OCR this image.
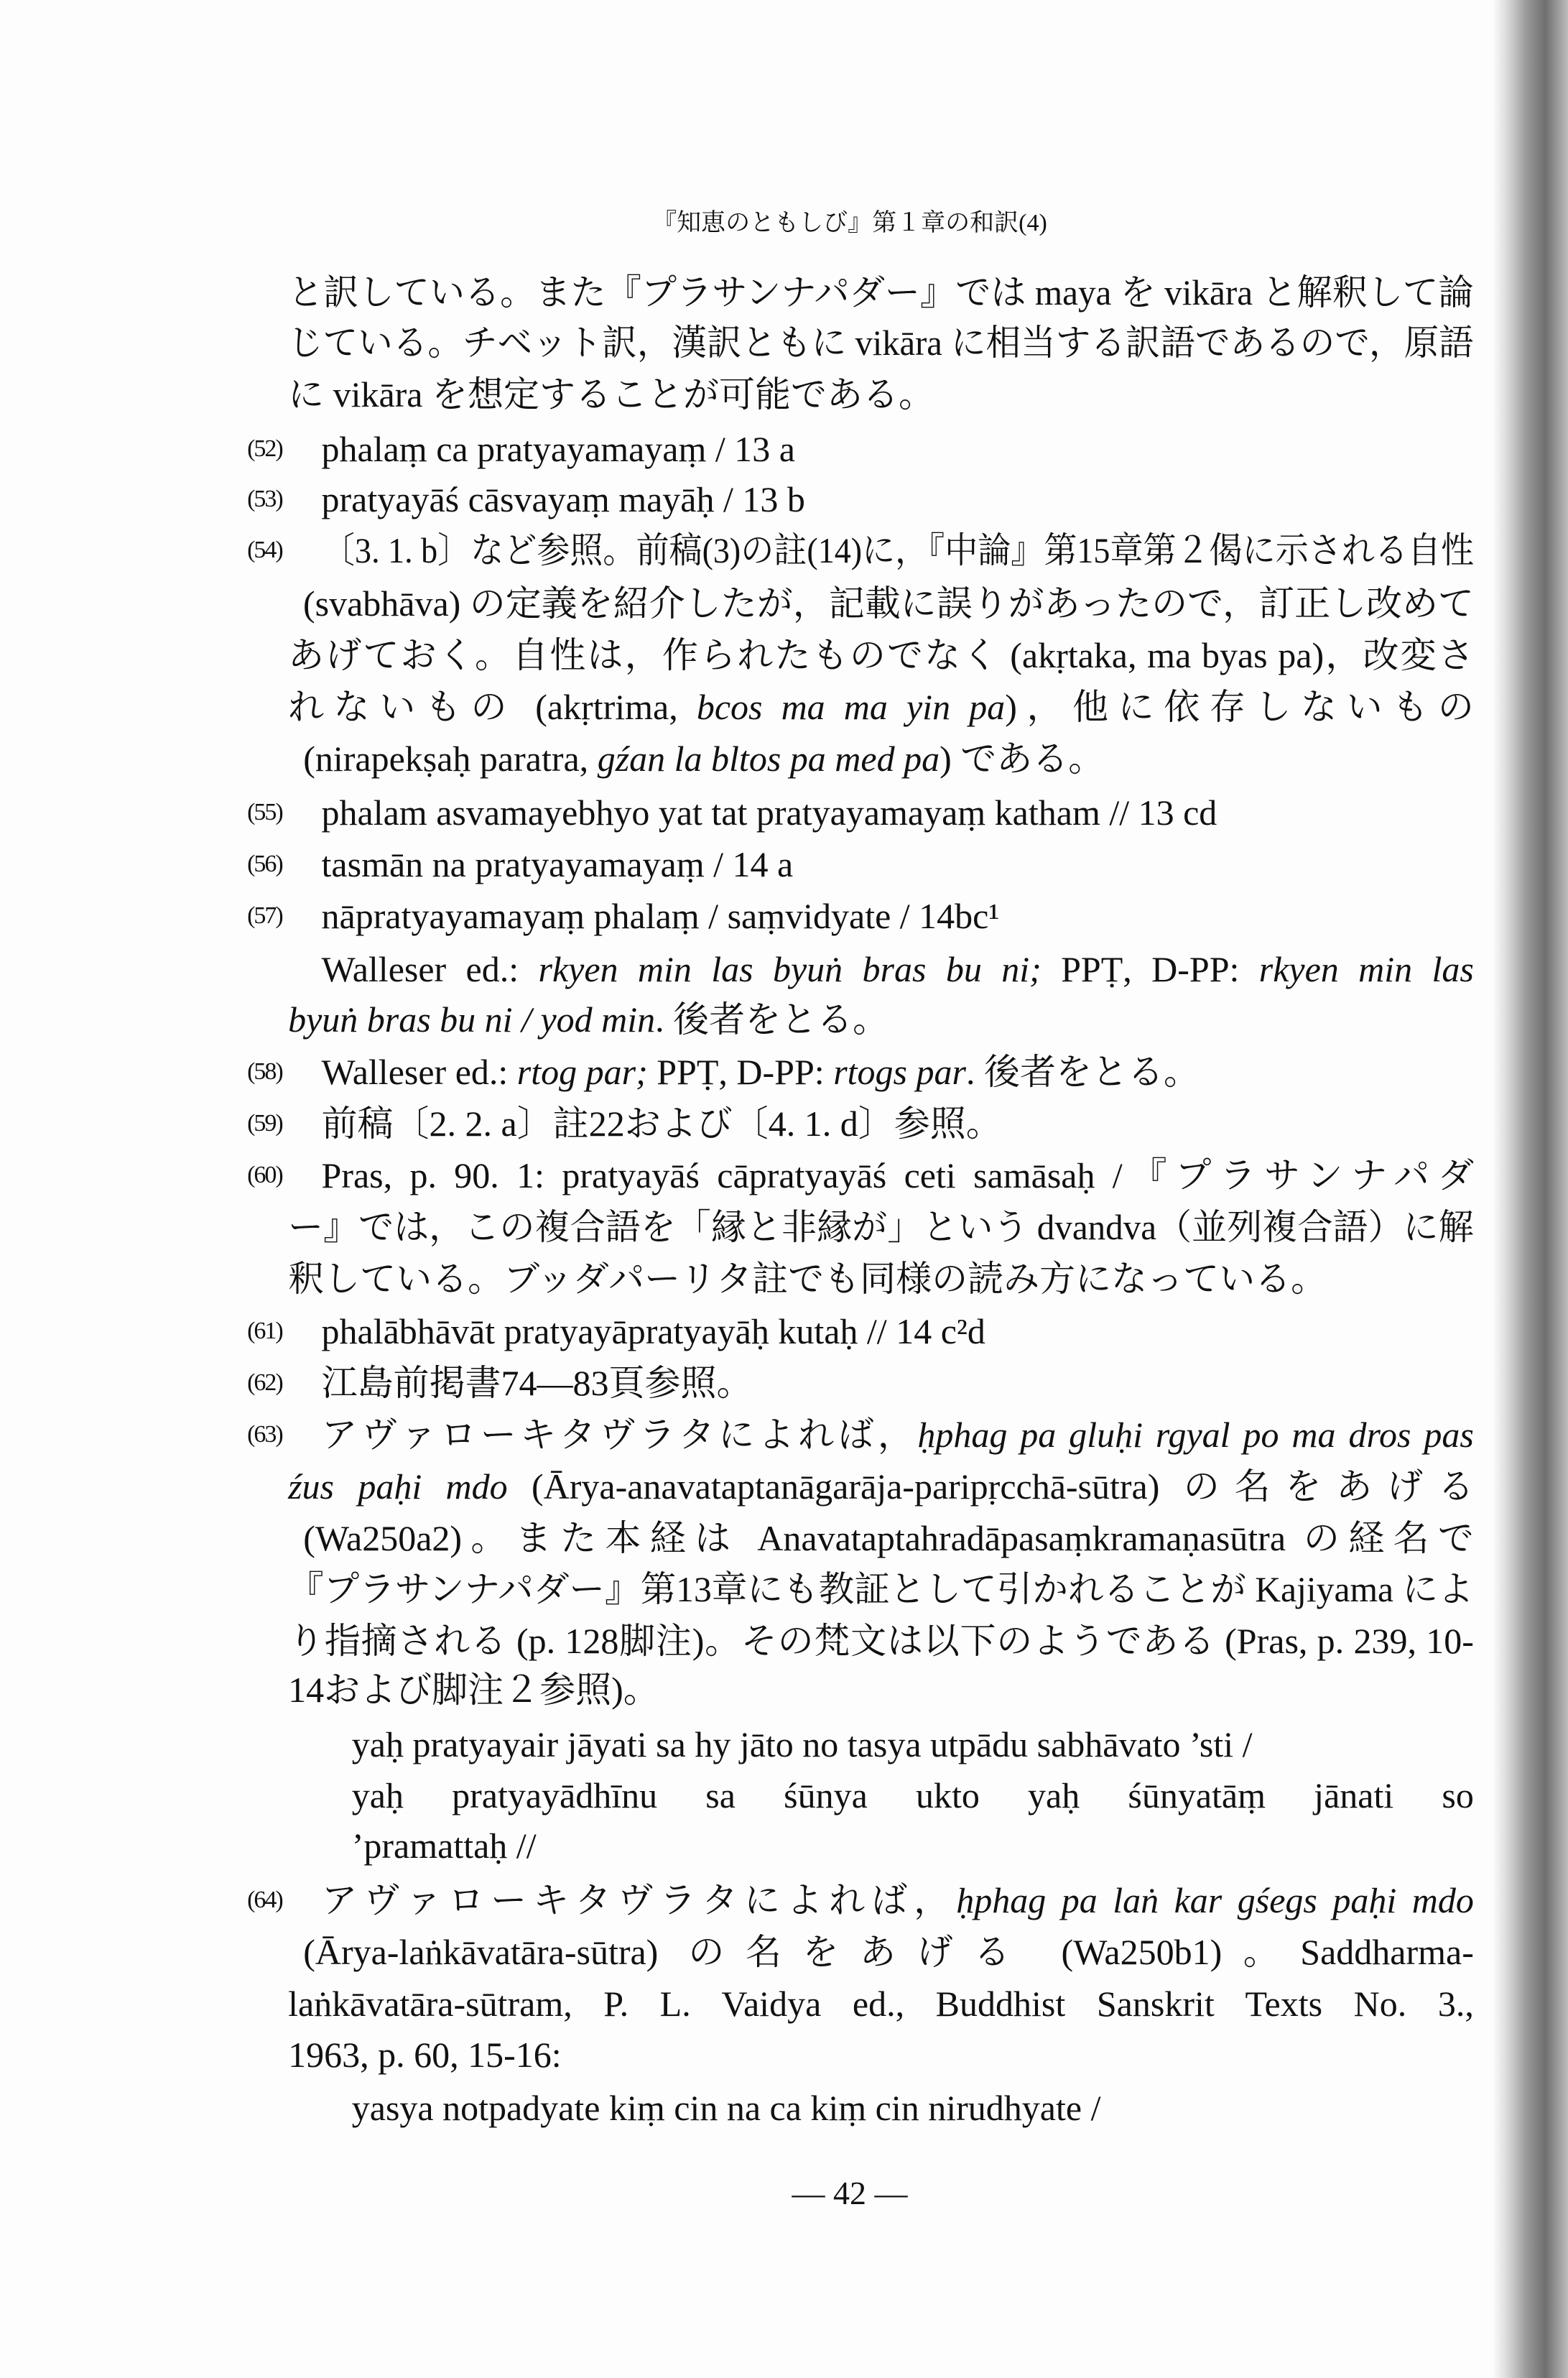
『知恵のともしび』第１章の和訳(4)
と訳している。また『プラサンナパダー』では maya を vikāra と解釈して論
じている。チベット訳，漢訳ともに vikāra に相当する訳語であるので，原語
に vikāra を想定することが可能である。
(52) phalaṃ ca pratyayamayaṃ / 13 a
(53) pratyayāś cāsvayaṃ mayāḥ / 13 b
(54) 〔3. 1. b〕など参照。前稿(3)の註(14)に，『中論』第15章第２偈に示される自性
(svabhāva) の定義を紹介したが，記載に誤りがあったので，訂正し改めて
あげておく。自性は，作られたものでなく (akṛtaka, ma byas pa)，改変さ
れないもの (akṛtrima, bcos ma ma yin pa)，他に依存しないもの
(nirapekṣaḥ paratra, gźan la bltos pa med pa) である。
(55) phalam asvamayebhyo yat tat pratyayamayaṃ katham // 13 cd
(56) tasmān na pratyayamayaṃ / 14 a
(57) nāpratyayamayaṃ phalaṃ / saṃvidyate / 14bc¹
Walleser ed.: rkyen min las byuṅ bras bu ni; PPṬ, D-PP: rkyen min las
byuṅ bras bu ni / yod min. 後者をとる。
(58) Walleser ed.: rtog par; PPṬ, D-PP: rtogs par. 後者をとる。
(59) 前稿〔2. 2. a〕註22および〔4. 1. d〕参照。
(60) Pras, p. 90. 1: pratyayāś cāpratyayāś ceti samāsaḥ /『プラサンナパダ
ー』では，この複合語を「縁と非縁が」という dvandva（並列複合語）に解
釈している。ブッダパーリタ註でも同様の読み方になっている。
(61) phalābhāvāt pratyayāpratyayāḥ kutaḥ // 14 c²d
(62) 江島前掲書74—83頁参照。
(63) アヴァローキタヴラタによれば，ḥphag pa gluḥi rgyal po ma dros pas
źus paḥi mdo (Ārya-anavataptanāgarāja-paripṛcchā-sūtra) の名をあげる
(Wa250a2)。また本経は Anavataptahradāpasaṃkramaṇasūtra の経名で
『プラサンナパダー』第13章にも教証として引かれることが Kajiyama によ
り指摘される (p. 128脚注)。その梵文は以下のようである (Pras, p. 239, 10-
14および脚注２参照)。
yaḥ pratyayair jāyati sa hy jāto no tasya utpādu sabhāvato ’sti /
yaḥ pratyayādhīnu sa śūnya ukto yaḥ śūnyatāṃ jānati so
’pramattaḥ //
(64) アヴァローキタヴラタによれば，ḥphag pa laṅ kar gśegs paḥi mdo
(Ārya-laṅkāvatāra-sūtra) の名をあげる (Wa250b1)。Saddharma-
laṅkāvatāra-sūtram, P. L. Vaidya ed., Buddhist Sanskrit Texts No. 3.,
1963, p. 60, 15-16:
yasya notpadyate kiṃ cin na ca kiṃ cin nirudhyate /
— 42 —
